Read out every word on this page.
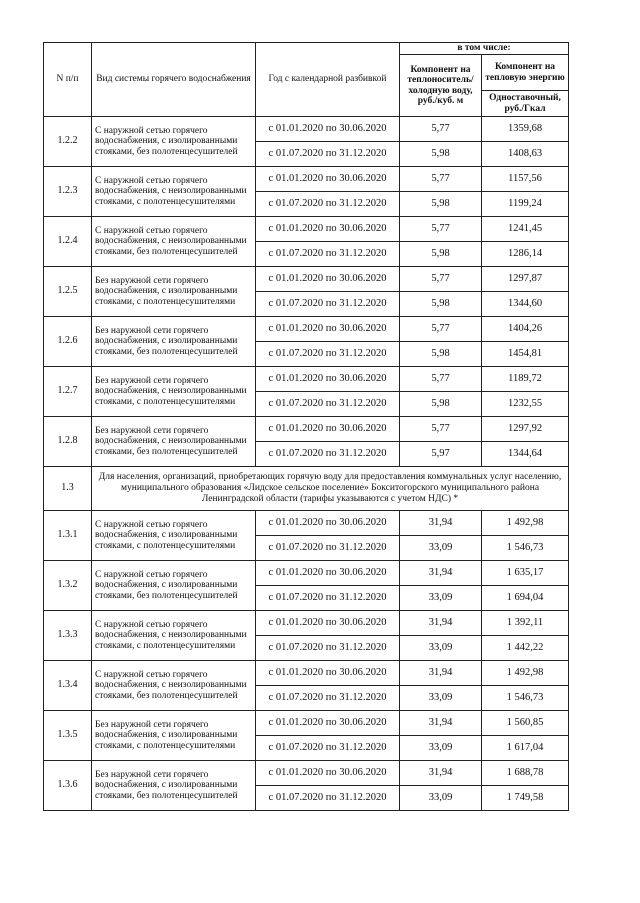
N п/п	Вид системы горячего водоснабжения	Год с календарной разбивкой	в том числе:	
			Компонент на теплоноситель/холодную воду, руб./куб. м	Компонент на тепловую энергию
				Одноставочный, руб./Гкал
1.2.2	С наружной сетью горячего водоснабжения, с изолированными стояками, без полотенцесушителей	с 01.01.2020 по 30.06.2020	5,77	1359,68
		с 01.07.2020 по 31.12.2020	5,98	1408,63
1.2.3	С наружной сетью горячего водоснабжения, с неизолированными стояками, с полотенцесушителями	с 01.01.2020 по 30.06.2020	5,77	1157,56
		с 01.07.2020 по 31.12.2020	5,98	1199,24
1.2.4	С наружной сетью горячего водоснабжения, с неизолированными стояками, без полотенцесушителей	с 01.01.2020 по 30.06.2020	5,77	1241,45
		с 01.07.2020 по 31.12.2020	5,98	1286,14
1.2.5	Без наружной сети горячего водоснабжения, с изолированными стояками, с полотенцесушителями	с 01.01.2020 по 30.06.2020	5,77	1297,87
		с 01.07.2020 по 31.12.2020	5,98	1344,60
1.2.6	Без наружной сети горячего водоснабжения, с изолированными стояками, без полотенцесушителей	с 01.01.2020 по 30.06.2020	5,77	1404,26
		с 01.07.2020 по 31.12.2020	5,98	1454,81
1.2.7	Без наружной сети горячего водоснабжения, с неизолированными стояками, с полотенцесушителями	с 01.01.2020 по 30.06.2020	5,77	1189,72
		с 01.07.2020 по 31.12.2020	5,98	1232,55
1.2.8	Без наружной сети горячего водоснабжения, с неизолированными стояками, без полотенцесушителей	с 01.01.2020 по 30.06.2020	5,77	1297,92
		с 01.07.2020 по 31.12.2020	5,97	1344,64
1.3	Для населения, организаций, приобретающих горячую воду для предоставления коммунальных услуг населению, муниципального образования «Лидское сельское поселение» Бокситогорского муниципального района Ленинградской области (тарифы указываются с учетом НДС) *			
1.3.1	С наружной сетью горячего водоснабжения, с изолированными стояками, с полотенцесушителями	с 01.01.2020 по 30.06.2020	31,94	1 492,98
		с 01.07.2020 по 31.12.2020	33,09	1 546,73
1.3.2	С наружной сетью горячего водоснабжения, с изолированными стояками, без полотенцесушителей	с 01.01.2020 по 30.06.2020	31,94	1 635,17
		с 01.07.2020 по 31.12.2020	33,09	1 694,04
1.3.3	С наружной сетью горячего водоснабжения, с неизолированными стояками, с полотенцесушителями	с 01.01.2020 по 30.06.2020	31,94	1 392,11
		с 01.07.2020 по 31.12.2020	33,09	1 442,22
1.3.4	С наружной сетью горячего водоснабжения, с неизолированными стояками, без полотенцесушителей	с 01.01.2020 по 30.06.2020	31,94	1 492,98
		с 01.07.2020 по 31.12.2020	33,09	1 546,73
1.3.5	Без наружной сети горячего водоснабжения, с изолированными стояками, с полотенцесушителями	с 01.01.2020 по 30.06.2020	31,94	1 560,85
		с 01.07.2020 по 31.12.2020	33,09	1 617,04
1.3.6	Без наружной сети горячего водоснабжения, с изолированными стояками, без полотенцесушителей	с 01.01.2020 по 30.06.2020	31,94	1 688,78
		с 01.07.2020 по 31.12.2020	33,09	1 749,58
